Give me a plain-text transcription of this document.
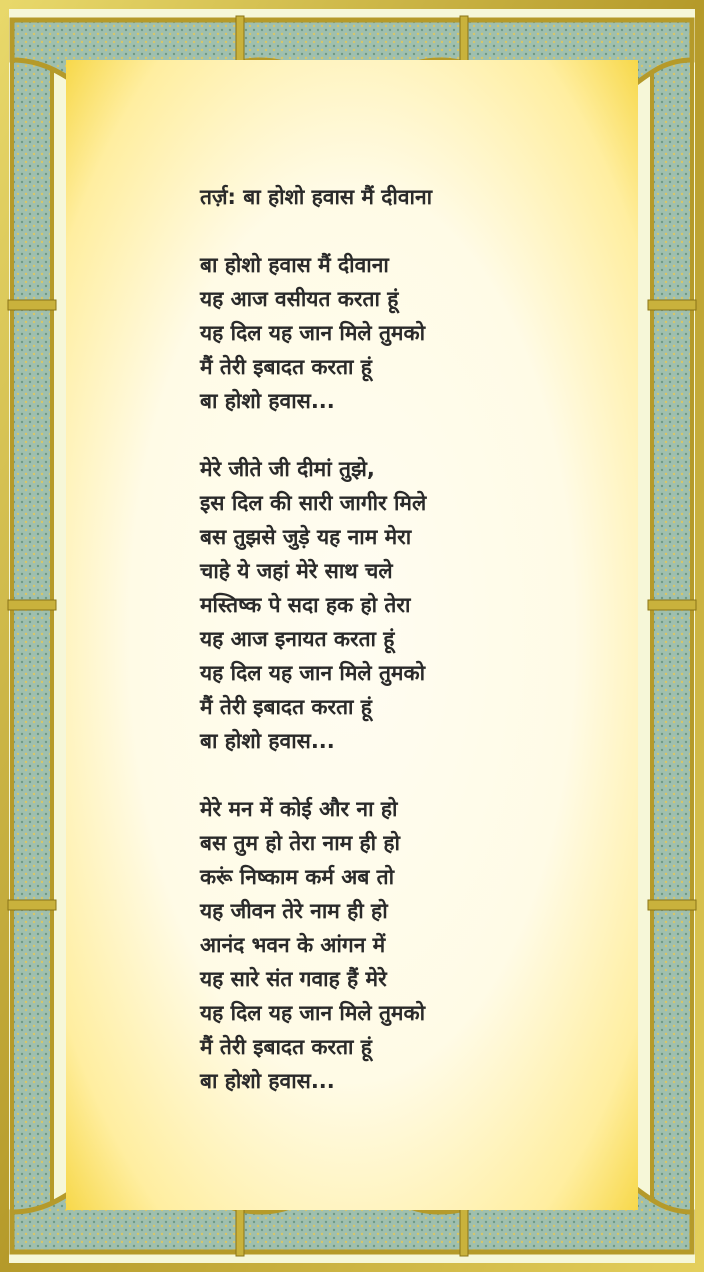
तर्ज़: बा होशो हवास मैं दीवाना
बा होशो हवास मैं दीवाना
यह आज वसीयत करता हूं
यह दिल यह जान मिले तुमको
मैं तेरी इबादत करता हूं
बा होशो हवास...
मेरे जीते जी दीमां तुझे,
इस दिल की सारी जागीर मिले
बस तुझसे जुड़े यह नाम मेरा
चाहे ये जहां मेरे साथ चले
मस्तिष्क पे सदा हक हो तेरा
यह आज इनायत करता हूं
यह दिल यह जान मिले तुमको
मैं तेरी इबादत करता हूं
बा होशो हवास...
मेरे मन में कोई और ना हो
बस तुम हो तेरा नाम ही हो
करूं निष्काम कर्म अब तो
यह जीवन तेरे नाम ही हो
आनंद भवन के आंगन में
यह सारे संत गवाह हैं मेरे
यह दिल यह जान मिले तुमको
मैं तेरी इबादत करता हूं
बा होशो हवास...
